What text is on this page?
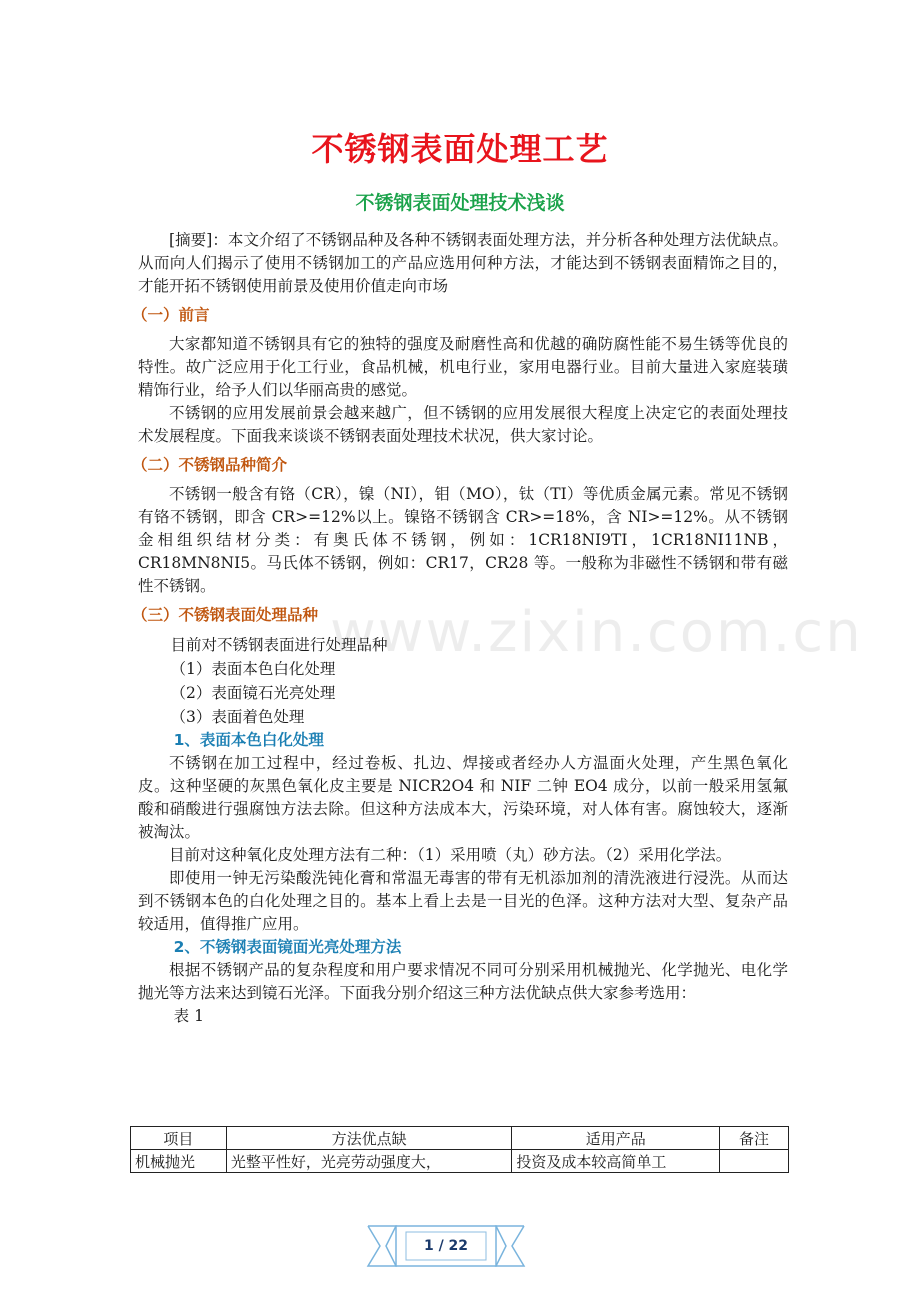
不锈钢表面处理工艺
不锈钢表面处理技术浅谈
www.zixin.com.cn

[摘要]：本文介绍了不锈钢品种及各种不锈钢表面处理方法，并分析各种处理方法优缺点。从而向人们揭示了使用不锈钢加工的产品应选用何种方法，才能达到不锈钢表面精饰之目的，才能开拓不锈钢使用前景及使用价值走向市场

（一）前言

大家都知道不锈钢具有它的独特的强度及耐磨性高和优越的确防腐性能不易生锈等优良的特性。故广泛应用于化工行业，食品机械，机电行业，家用电器行业。目前大量进入家庭装璜精饰行业，给予人们以华丽高贵的感觉。

不锈钢的应用发展前景会越来越广，但不锈钢的应用发展很大程度上决定它的表面处理技术发展程度。下面我来谈谈不锈钢表面处理技术状况，供大家讨论。

（二）不锈钢品种简介

不锈钢一般含有铬（CR），镍（NI），钼（MO），钛（TI）等优质金属元素。常见不锈钢有铬不锈钢，即含 CR>=12%以上。镍铬不锈钢含 CR>=18%，含 NI>=12%。从不锈钢金相组织结材分类：有奥氏体不锈钢，例如：1CR18NI9TI，1CR18NI11NB，CR18MN8NI5。马氏体不锈钢，例如：CR17，CR28 等。一般称为非磁性不锈钢和带有磁性不锈钢。

（三）不锈钢表面处理品种

目前对不锈钢表面进行处理品种

（1）表面本色白化处理

（2）表面镜石光亮处理

（3）表面着色处理

1、表面本色白化处理

不锈钢在加工过程中，经过卷板、扎边、焊接或者经办人方温面火处理，产生黑色氧化皮。这种坚硬的灰黑色氧化皮主要是 NICR2O4 和 NIF 二钟 EO4 成分，以前一般采用氢氟酸和硝酸进行强腐蚀方法去除。但这种方法成本大，污染环境，对人体有害。腐蚀较大，逐渐被淘汰。

目前对这种氧化皮处理方法有二种：（1）采用喷（丸）砂方法。（2）采用化学法。

即使用一钟无污染酸洗钝化膏和常温无毒害的带有无机添加剂的清洗液进行浸洗。从而达到不锈钢本色的白化处理之目的。基本上看上去是一目光的色泽。这种方法对大型、复杂产品较适用，值得推广应用。

2、不锈钢表面镜面光亮处理方法

根据不锈钢产品的复杂程度和用户要求情况不同可分别采用机械抛光、化学抛光、电化学抛光等方法来达到镜石光泽。下面我分别介绍这三种方法优缺点供大家参考选用：

表 1

项目	方法优点缺	适用产品	备注
机械抛光	光整平性好，光亮劳动强度大，	投资及成本较高简单工	
1 / 22
